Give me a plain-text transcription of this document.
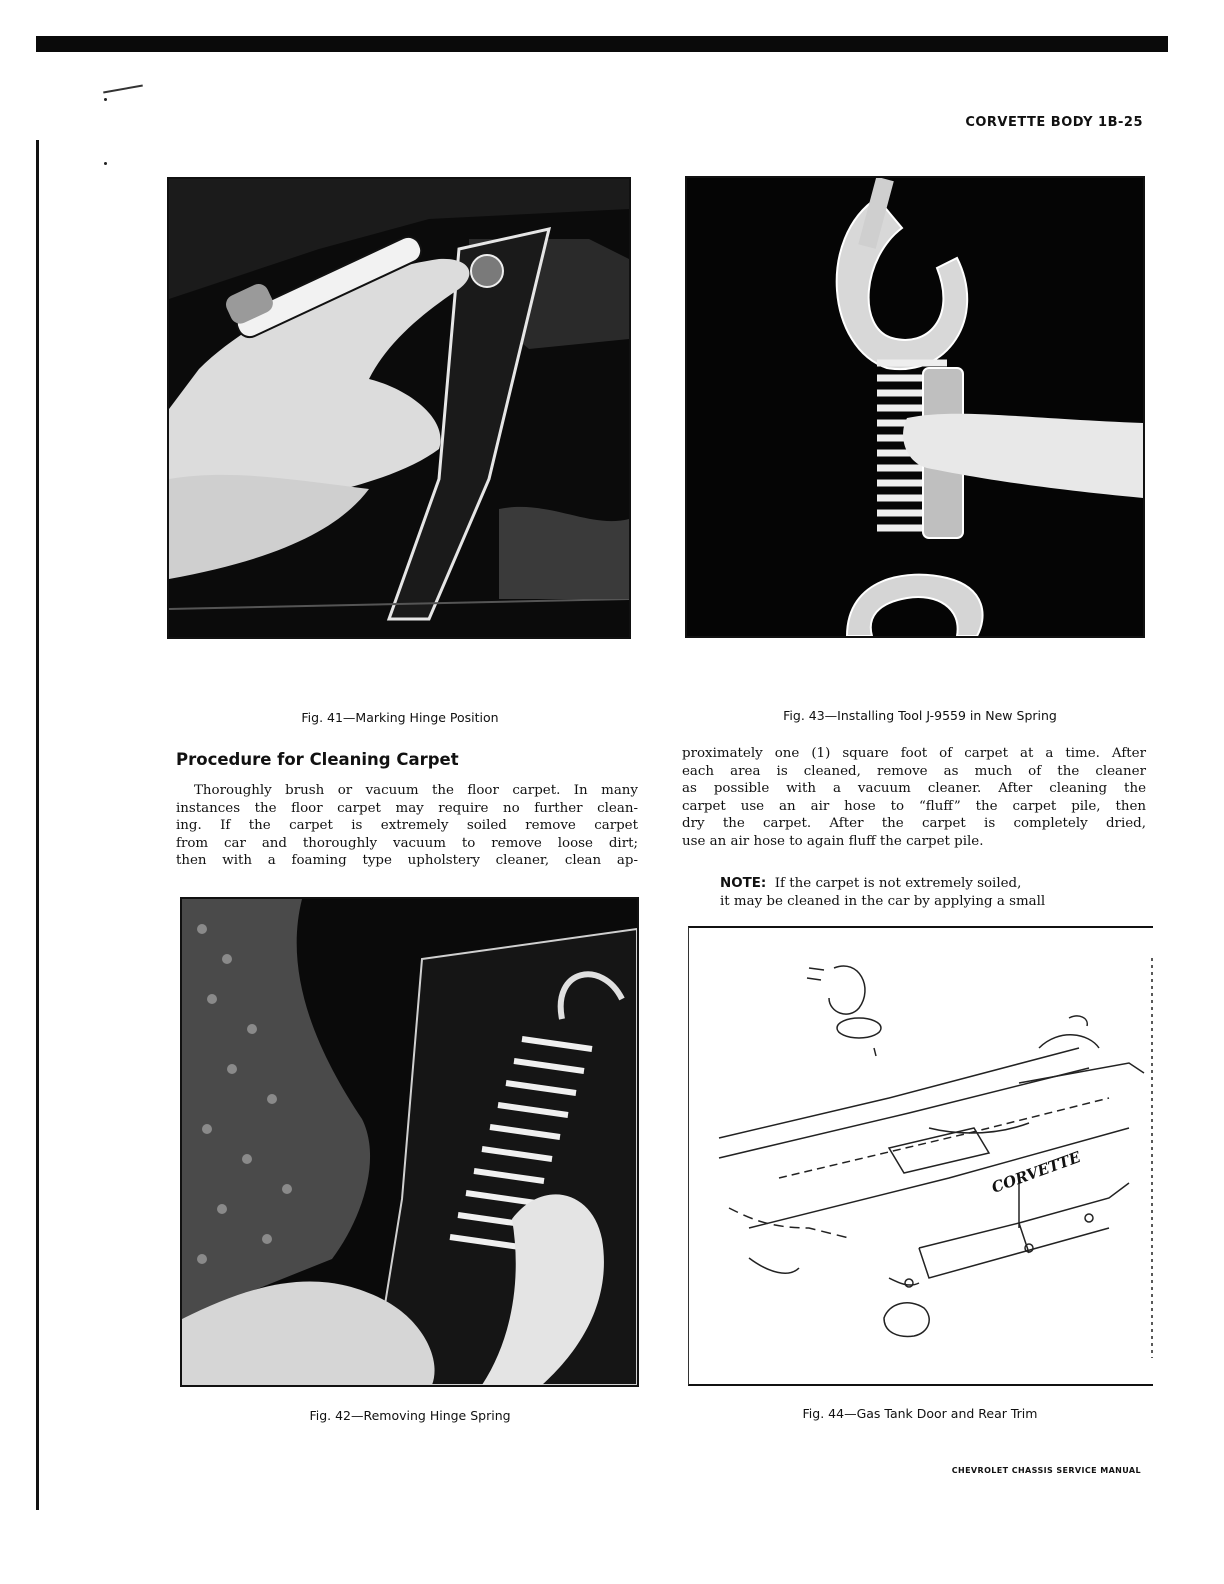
CORVETTE BODY 1B-25
Fig. 41—Marking Hinge Position	Fig. 43—Installing Tool J-9559 in New Spring
Procedure for Cleaning Carpet

Thoroughly brush or vacuum the floor carpet. In many

instances the floor carpet may require no further clean-

ing. If the carpet is extremely soiled remove carpet

from car and thoroughly vacuum to remove loose dirt;

then with a foaming type upholstery cleaner, clean ap-

proximately one (1) square foot of carpet at a time. After

each area is cleaned, remove as much of the cleaner

as possible with a vacuum cleaner. After cleaning the

carpet use an air hose to “fluff” the carpet pile, then

dry the carpet. After the carpet is completely dried,

use an air hose to again fluff the carpet pile.

NOTE: If the carpet is not extremely soiled,
it may be cleaned in the car by applying a small

Fig. 42—Removing Hinge Spring
CORVETTE
Fig. 44—Gas Tank Door and Rear Trim
CHEVROLET CHASSIS SERVICE MANUAL
